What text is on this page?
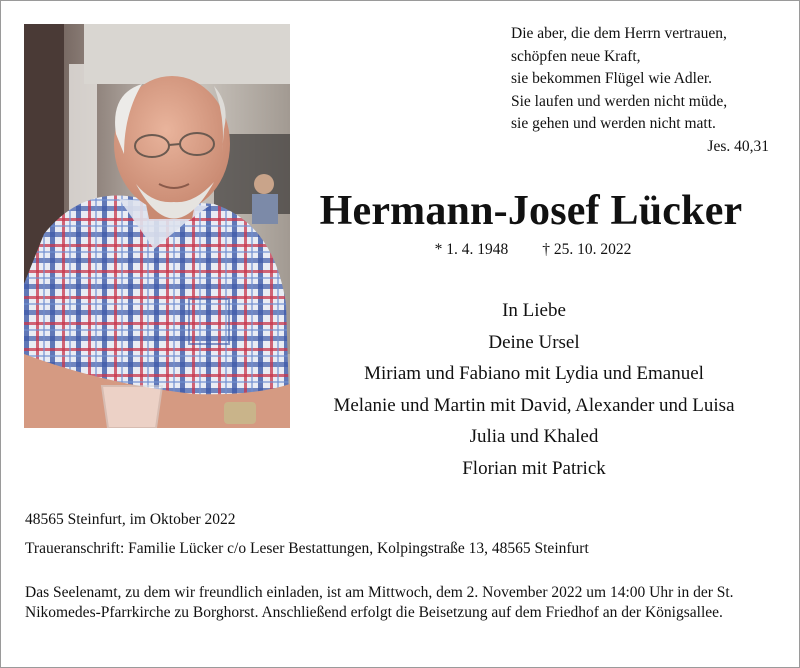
Die aber, die dem Herrn vertrauen,
schöpfen neue Kraft,
sie bekommen Flügel wie Adler.
Sie laufen und werden nicht müde,
sie gehen und werden nicht matt.
Jes. 40,31
Hermann-Josef Lücker
* 1. 4. 1948 † 25. 10. 2022
In Liebe
Deine Ursel
Miriam und Fabiano mit Lydia und Emanuel
Melanie und Martin mit David, Alexander und Luisa
Julia und Khaled
Florian mit Patrick
48565 Steinfurt, im Oktober 2022
Traueranschrift: Familie Lücker c/o Leser Bestattungen, Kolpingstraße 13, 48565 Steinfurt
Das Seelenamt, zu dem wir freundlich einladen, ist am Mittwoch, dem 2. November 2022 um 14:00 Uhr in der St. Nikomedes-Pfarrkirche zu Borghorst. Anschließend erfolgt die Beisetzung auf dem Friedhof an der Königsallee.
